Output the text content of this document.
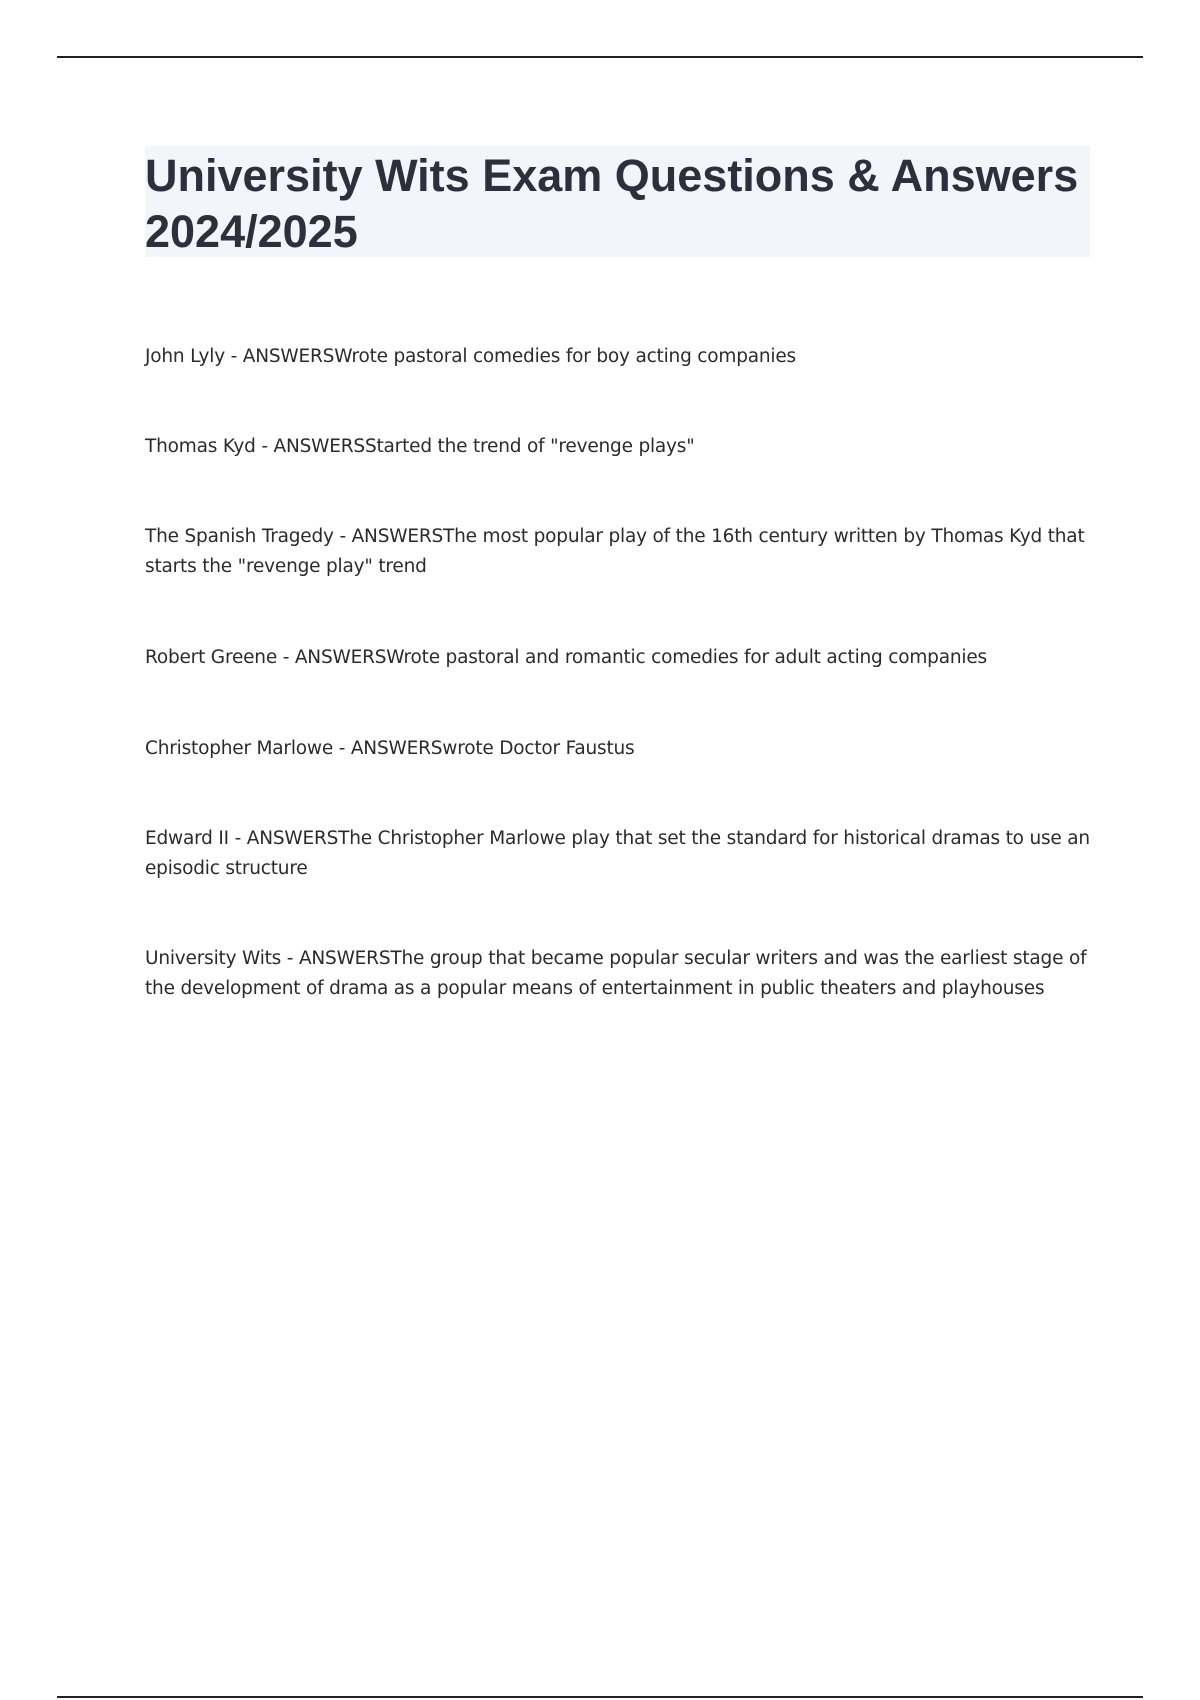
University Wits Exam Questions & Answers 2024/2025
John Lyly - ANSWERSWrote pastoral comedies for boy acting companies
Thomas Kyd - ANSWERSStarted the trend of "revenge plays"
The Spanish Tragedy - ANSWERSThe most popular play of the 16th century written by Thomas Kyd that starts the "revenge play" trend
Robert Greene - ANSWERSWrote pastoral and romantic comedies for adult acting companies
Christopher Marlowe - ANSWERSwrote Doctor Faustus
Edward II - ANSWERSThe Christopher Marlowe play that set the standard for historical dramas to use an episodic structure
University Wits - ANSWERSThe group that became popular secular writers and was the earliest stage of the development of drama as a popular means of entertainment in public theaters and playhouses
